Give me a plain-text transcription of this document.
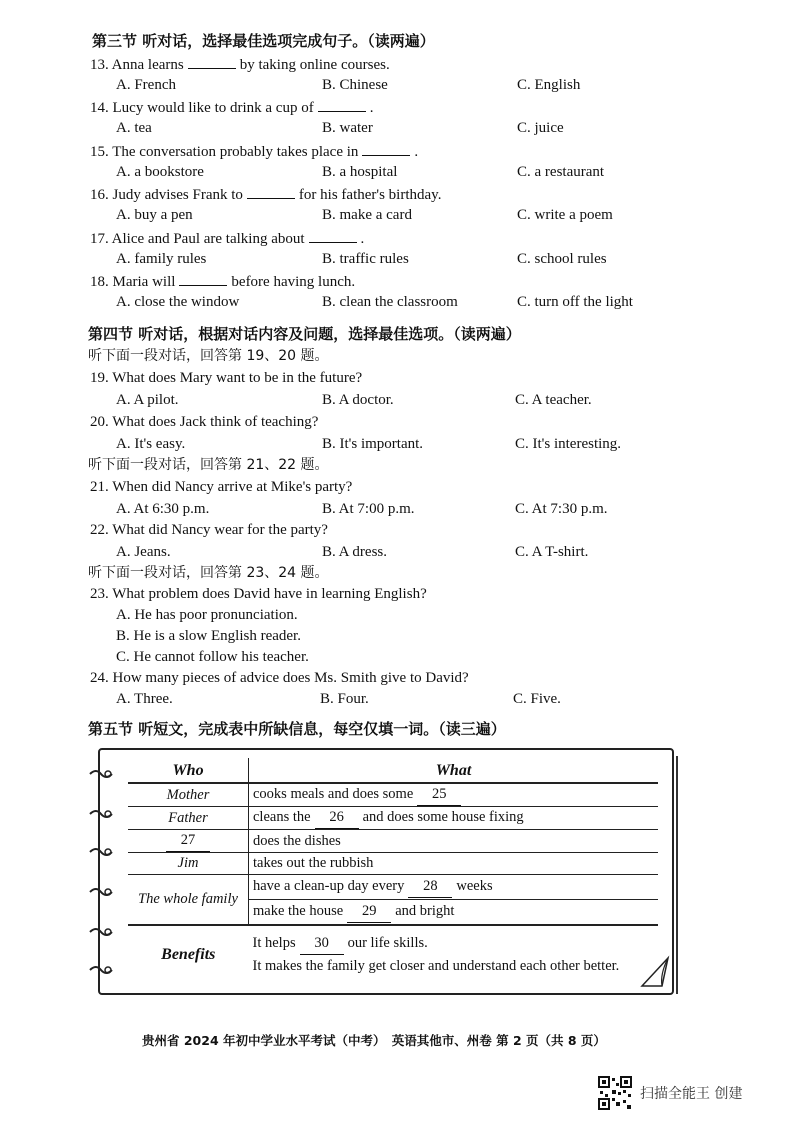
第三节 听对话，选择最佳选项完成句子。（读两遍）
13. Anna learns	by taking online courses.
A. French	B. Chinese	C. English
14. Lucy would like to drink a cup of	.
A. tea	B. water	C. juice
15. The conversation probably takes place in	.
A. a bookstore	B. a hospital	C. a restaurant
16. Judy advises Frank to	for his father's birthday.
A. buy a pen	B. make a card	C. write a poem
17. Alice and Paul are talking about	.
A. family rules	B. traffic rules	C. school rules
18. Maria will	before having lunch.
A. close the window	B. clean the classroom	C. turn off the light
第四节 听对话，根据对话内容及问题，选择最佳选项。（读两遍）
听下面一段对话，回答第 19、20 题。
19. What does Mary want to be in the future?
A. A pilot.	B. A doctor.	C. A teacher.
20. What does Jack think of teaching?
A. It's easy.	B. It's important.	C. It's interesting.
听下面一段对话，回答第 21、22 题。
21. When did Nancy arrive at Mike's party?
A. At 6:30 p.m.	B. At 7:00 p.m.	C. At 7:30 p.m.
22. What did Nancy wear for the party?
A. Jeans.	B. A dress.	C. A T-shirt.
听下面一段对话，回答第 23、24 题。
23. What problem does David have in learning English?
A. He has poor pronunciation.
B. He is a slow English reader.
C. He cannot follow his teacher.
24. How many pieces of advice does Ms. Smith give to David?
A. Three.	B. Four.	C. Five.
第五节 听短文，完成表中所缺信息，每空仅填一词。（读三遍）
Who	What
Mother	cooks meals and does some 25
Father	cleans the 26 and does some house fixing
27	does the dishes
Jim	takes out the rubbish
The whole family	have a clean-up day every 28 weeks
	make the house 29 and bright
Benefits	It helps 30 our life skills.
It makes the family get closer and understand each other better.
贵州省 2024 年初中学业水平考试（中考）　英语其他市、州卷 第 2 页（共 8 页）
扫描全能王 创建
